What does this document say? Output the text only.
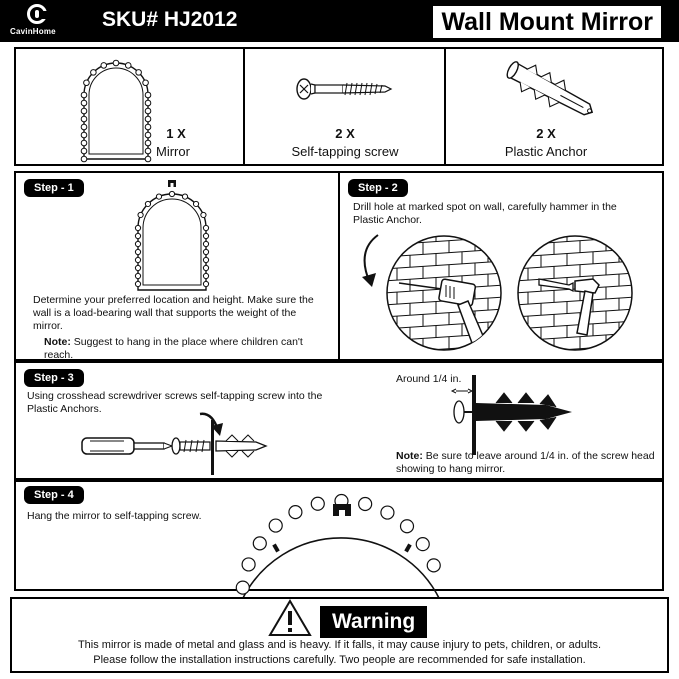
CavinHome
SKU# HJ2012	Wall Mount Mirror
1 X
Mirror
2 X
Self-tapping screw
2 X
Plastic Anchor
Step - 1
Determine your preferred location and height. Make sure the wall is a load-bearing wall that supports the weight of the mirror.
Note: Suggest to hang in the place where children can't reach.
Step - 2
Drill hole at marked spot on wall, carefully hammer in the Plastic Anchor.
Step - 3
Using crosshead screwdriver screws self-tapping screw into the Plastic Anchors.
Around 1/4 in.
Note: Be sure to leave around 1/4 in. of the screw head showing to hang mirror.
Step - 4
Hang the mirror to self-tapping screw.
Warning
This mirror is made of metal and glass and is heavy. If it falls, it may cause injury to pets, children, or adults.
Please follow the installation instructions carefully. Two people are recommended for safe installation.
